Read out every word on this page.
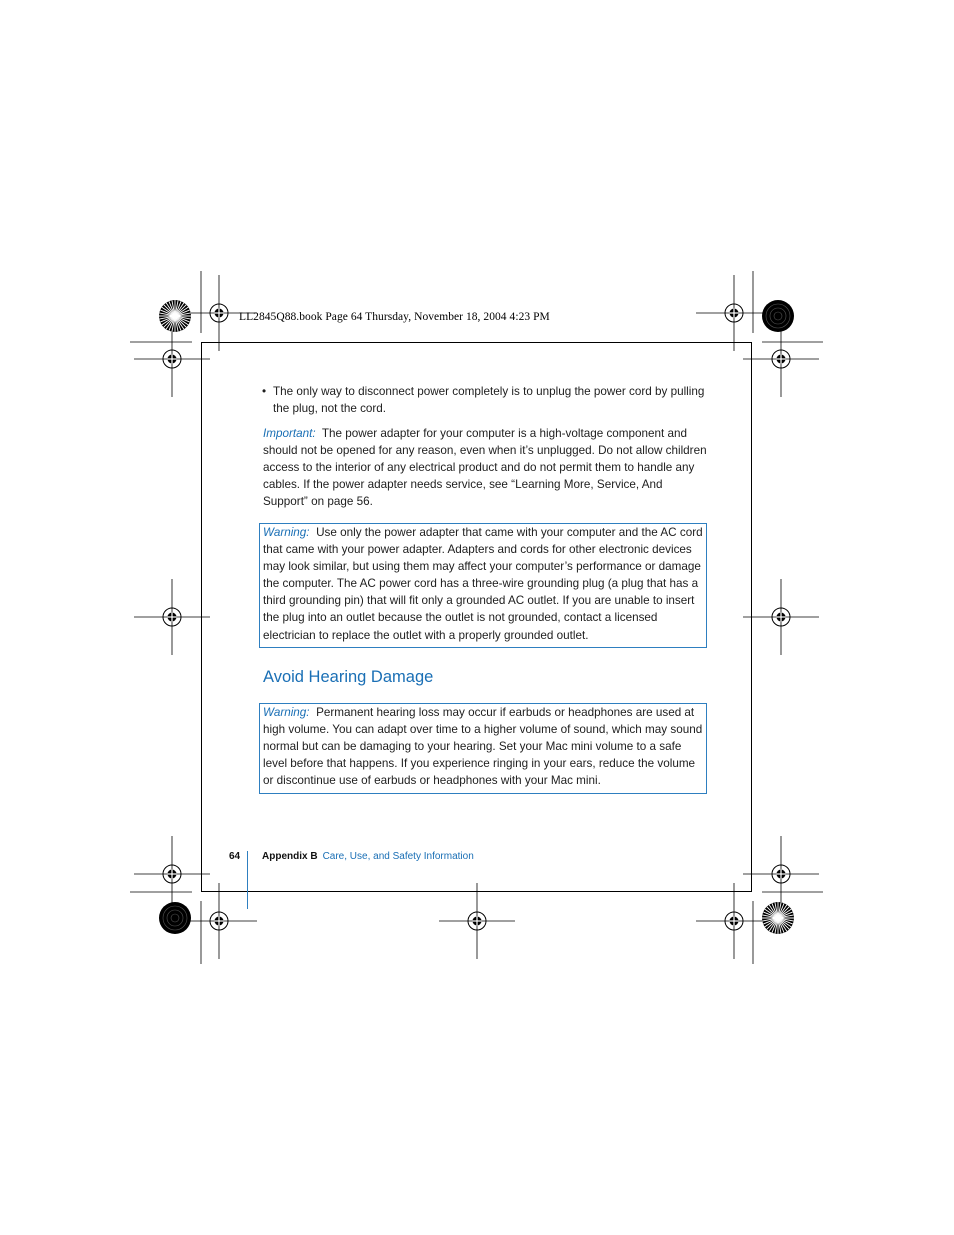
LL2845Q88.book Page 64 Thursday, November 18, 2004 4:23 PM
• The only way to disconnect power completely is to unplug the power cord by pulling the plug, not the cord.
Important: The power adapter for your computer is a high-voltage component and should not be opened for any reason, even when it’s unplugged. Do not allow children access to the interior of any electrical product and do not permit them to handle any cables. If the power adapter needs service, see “Learning More, Service, And Support” on page 56.
Warning: Use only the power adapter that came with your computer and the AC cord that came with your power adapter. Adapters and cords for other electronic devices may look similar, but using them may affect your computer’s performance or damage the computer. The AC power cord has a three-wire grounding plug (a plug that has a third grounding pin) that will fit only a grounded AC outlet. If you are unable to insert the plug into an outlet because the outlet is not grounded, contact a licensed electrician to replace the outlet with a properly grounded outlet.
Avoid Hearing Damage
Warning: Permanent hearing loss may occur if earbuds or headphones are used at high volume. You can adapt over time to a higher volume of sound, which may sound normal but can be damaging to your hearing. Set your Mac mini volume to a safe level before that happens. If you experience ringing in your ears, reduce the volume or discontinue use of earbuds or headphones with your Mac mini.
64 Appendix B Care, Use, and Safety Information
